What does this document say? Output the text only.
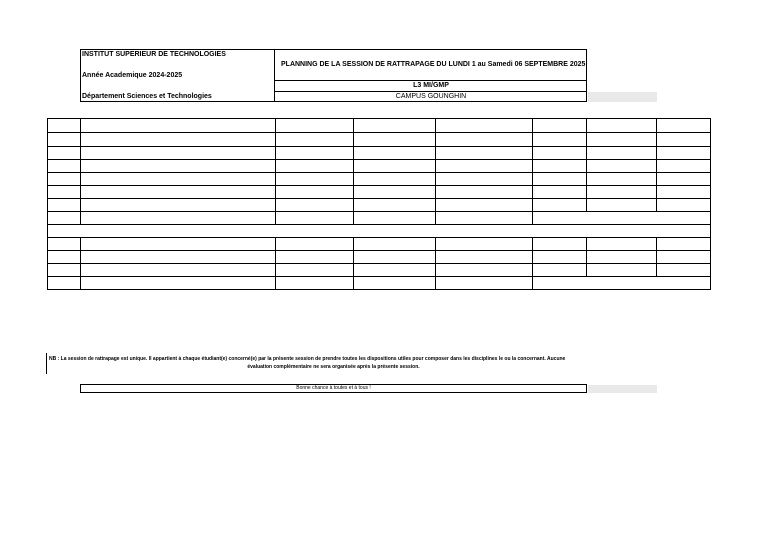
INSTITUT SUPERIEUR DE TECHNOLOGIES
Année Academique 2024-2025
Département Sciences et Technologies
PLANNING DE LA SESSION DE RATTRAPAGE DU LUNDI 1 au Samedi 06 SEPTEMBRE 2025
L3 MI/GMP
CAMPUS GOUNGHIN
NB : La session de rattrapage est unique. Il appartient à chaque étudiant(e) concerné(e) par la présente session de prendre toutes les dispositions utiles pour composer dans les disciplines le ou la concernant. Aucune
évaluation complémentaire ne sera organisée après la présente session.
Bonne chance à toutes et à tous !
